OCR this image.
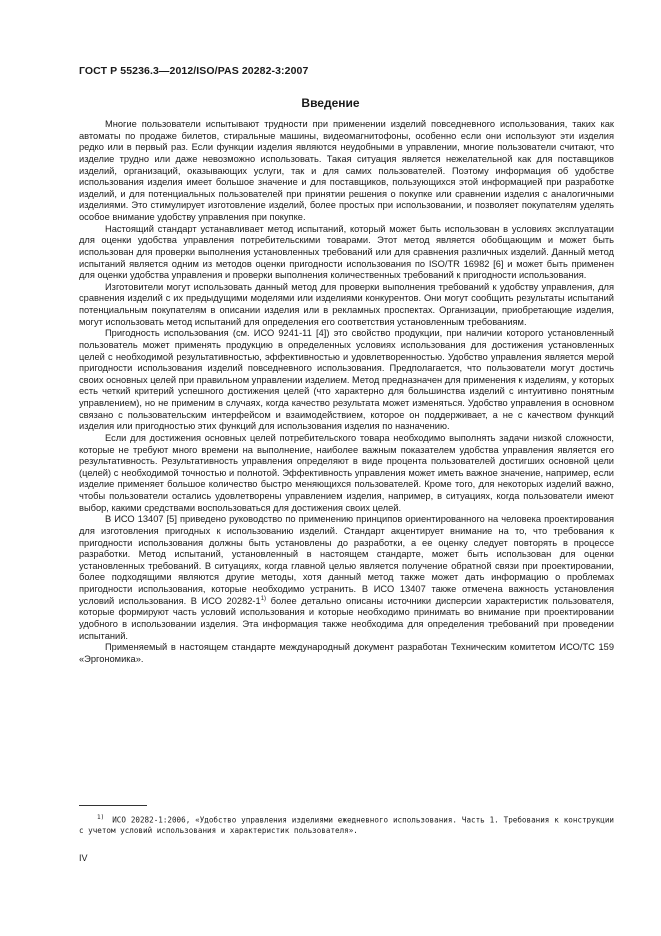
ГОСТ Р 55236.3—2012/ISO/PAS 20282-3:2007
Введение

Многие пользователи испытывают трудности при применении изделий повседневного использования, таких как автоматы по продаже билетов, стиральные машины, видеомагнитофоны, особенно если они используют эти изделия редко или в первый раз. Если функции изделия являются неудобными в управлении, многие пользователи считают, что изделие трудно или даже невозможно использовать. Такая ситуация является нежелательной как для поставщиков изделий, организаций, оказывающих услуги, так и для самих пользователей. Поэтому информация об удобстве использования изделия имеет большое значение и для поставщиков, пользующихся этой информацией при разработке изделий, и для потенциальных пользователей при принятии решения о покупке или сравнении изделия с аналогичными изделиями. Это стимулирует изготовление изделий, более простых при использовании, и позволяет покупателям уделять особое внимание удобству управления при покупке.

Настоящий стандарт устанавливает метод испытаний, который может быть использован в условиях эксплуатации для оценки удобства управления потребительскими товарами. Этот метод является обобщающим и может быть использован для проверки выполнения установленных требований или для сравнения различных изделий. Данный метод испытаний является одним из методов оценки пригодности использования по ISO/TR 16982 [6] и может быть применен для оценки удобства управления и проверки выполнения количественных требований к пригодности использования.

Изготовители могут использовать данный метод для проверки выполнения требований к удобству управления, для сравнения изделий с их предыдущими моделями или изделиями конкурентов. Они могут сообщить результаты испытаний потенциальным покупателям в описании изделия или в рекламных проспектах. Организации, приобретающие изделия, могут использовать метод испытаний для определения его соответствия установленным требованиям.

Пригодность использования (см. ИСО 9241-11 [4]) это свойство продукции, при наличии которого установленный пользователь может применять продукцию в определенных условиях использования для достижения установленных целей с необходимой результативностью, эффективностью и удовлетворенностью. Удобство управления является мерой пригодности использования изделий повседневного использования. Предполагается, что пользователи могут достичь своих основных целей при правильном управлении изделием. Метод предназначен для применения к изделиям, у которых есть четкий критерий успешного достижения целей (что характерно для большинства изделий с интуитивно понятным управлением), но не применим в случаях, когда качество результата может изменяться. Удобство управления в основном связано с пользовательским интерфейсом и взаимодействием, которое он поддерживает, а не с качеством функций изделия или пригодностью этих функций для использования изделия по назначению.

Если для достижения основных целей потребительского товара необходимо выполнять задачи низкой сложности, которые не требуют много времени на выполнение, наиболее важным показателем удобства управления является его результативность. Результативность управления определяют в виде процента пользователей достигших основной цели (целей) с необходимой точностью и полнотой. Эффективность управления может иметь важное значение, например, если изделие применяет большое количество быстро меняющихся пользователей. Кроме того, для некоторых изделий важно, чтобы пользователи остались удовлетворены управлением изделия, например, в ситуациях, когда пользователи имеют выбор, какими средствами воспользоваться для достижения своих целей.

В ИСО 13407 [5] приведено руководство по применению принципов ориентированного на человека проектирования для изготовления пригодных к использованию изделий. Стандарт акцентирует внимание на то, что требования к пригодности использования должны быть установлены до разработки, а ее оценку следует повторять в процессе разработки. Метод испытаний, установленный в настоящем стандарте, может быть использован для оценки установленных требований. В ситуациях, когда главной целью является получение обратной связи при проектировании, более подходящими являются другие методы, хотя данный метод также может дать информацию о проблемах пригодности использования, которые необходимо устранить. В ИСО 13407 также отмечена важность установления условий использования. В ИСО 20282-1$^{1)}$ более детально описаны источники дисперсии характеристик пользователя, которые формируют часть условий использования и которые необходимо принимать во внимание при проектировании удобного в использовании изделия. Эта информация также необходима для определения требований при проведении испытаний.

Применяемый в настоящем стандарте международный документ разработан Техническим комитетом ИСО/ТС 159 «Эргономика».

$^{1)}$ ИСО 20282-1:2006, «Удобство управления изделиями ежедневного использования. Часть 1. Требования к конструкции с учетом условий использования и характеристик пользователя».
IV
